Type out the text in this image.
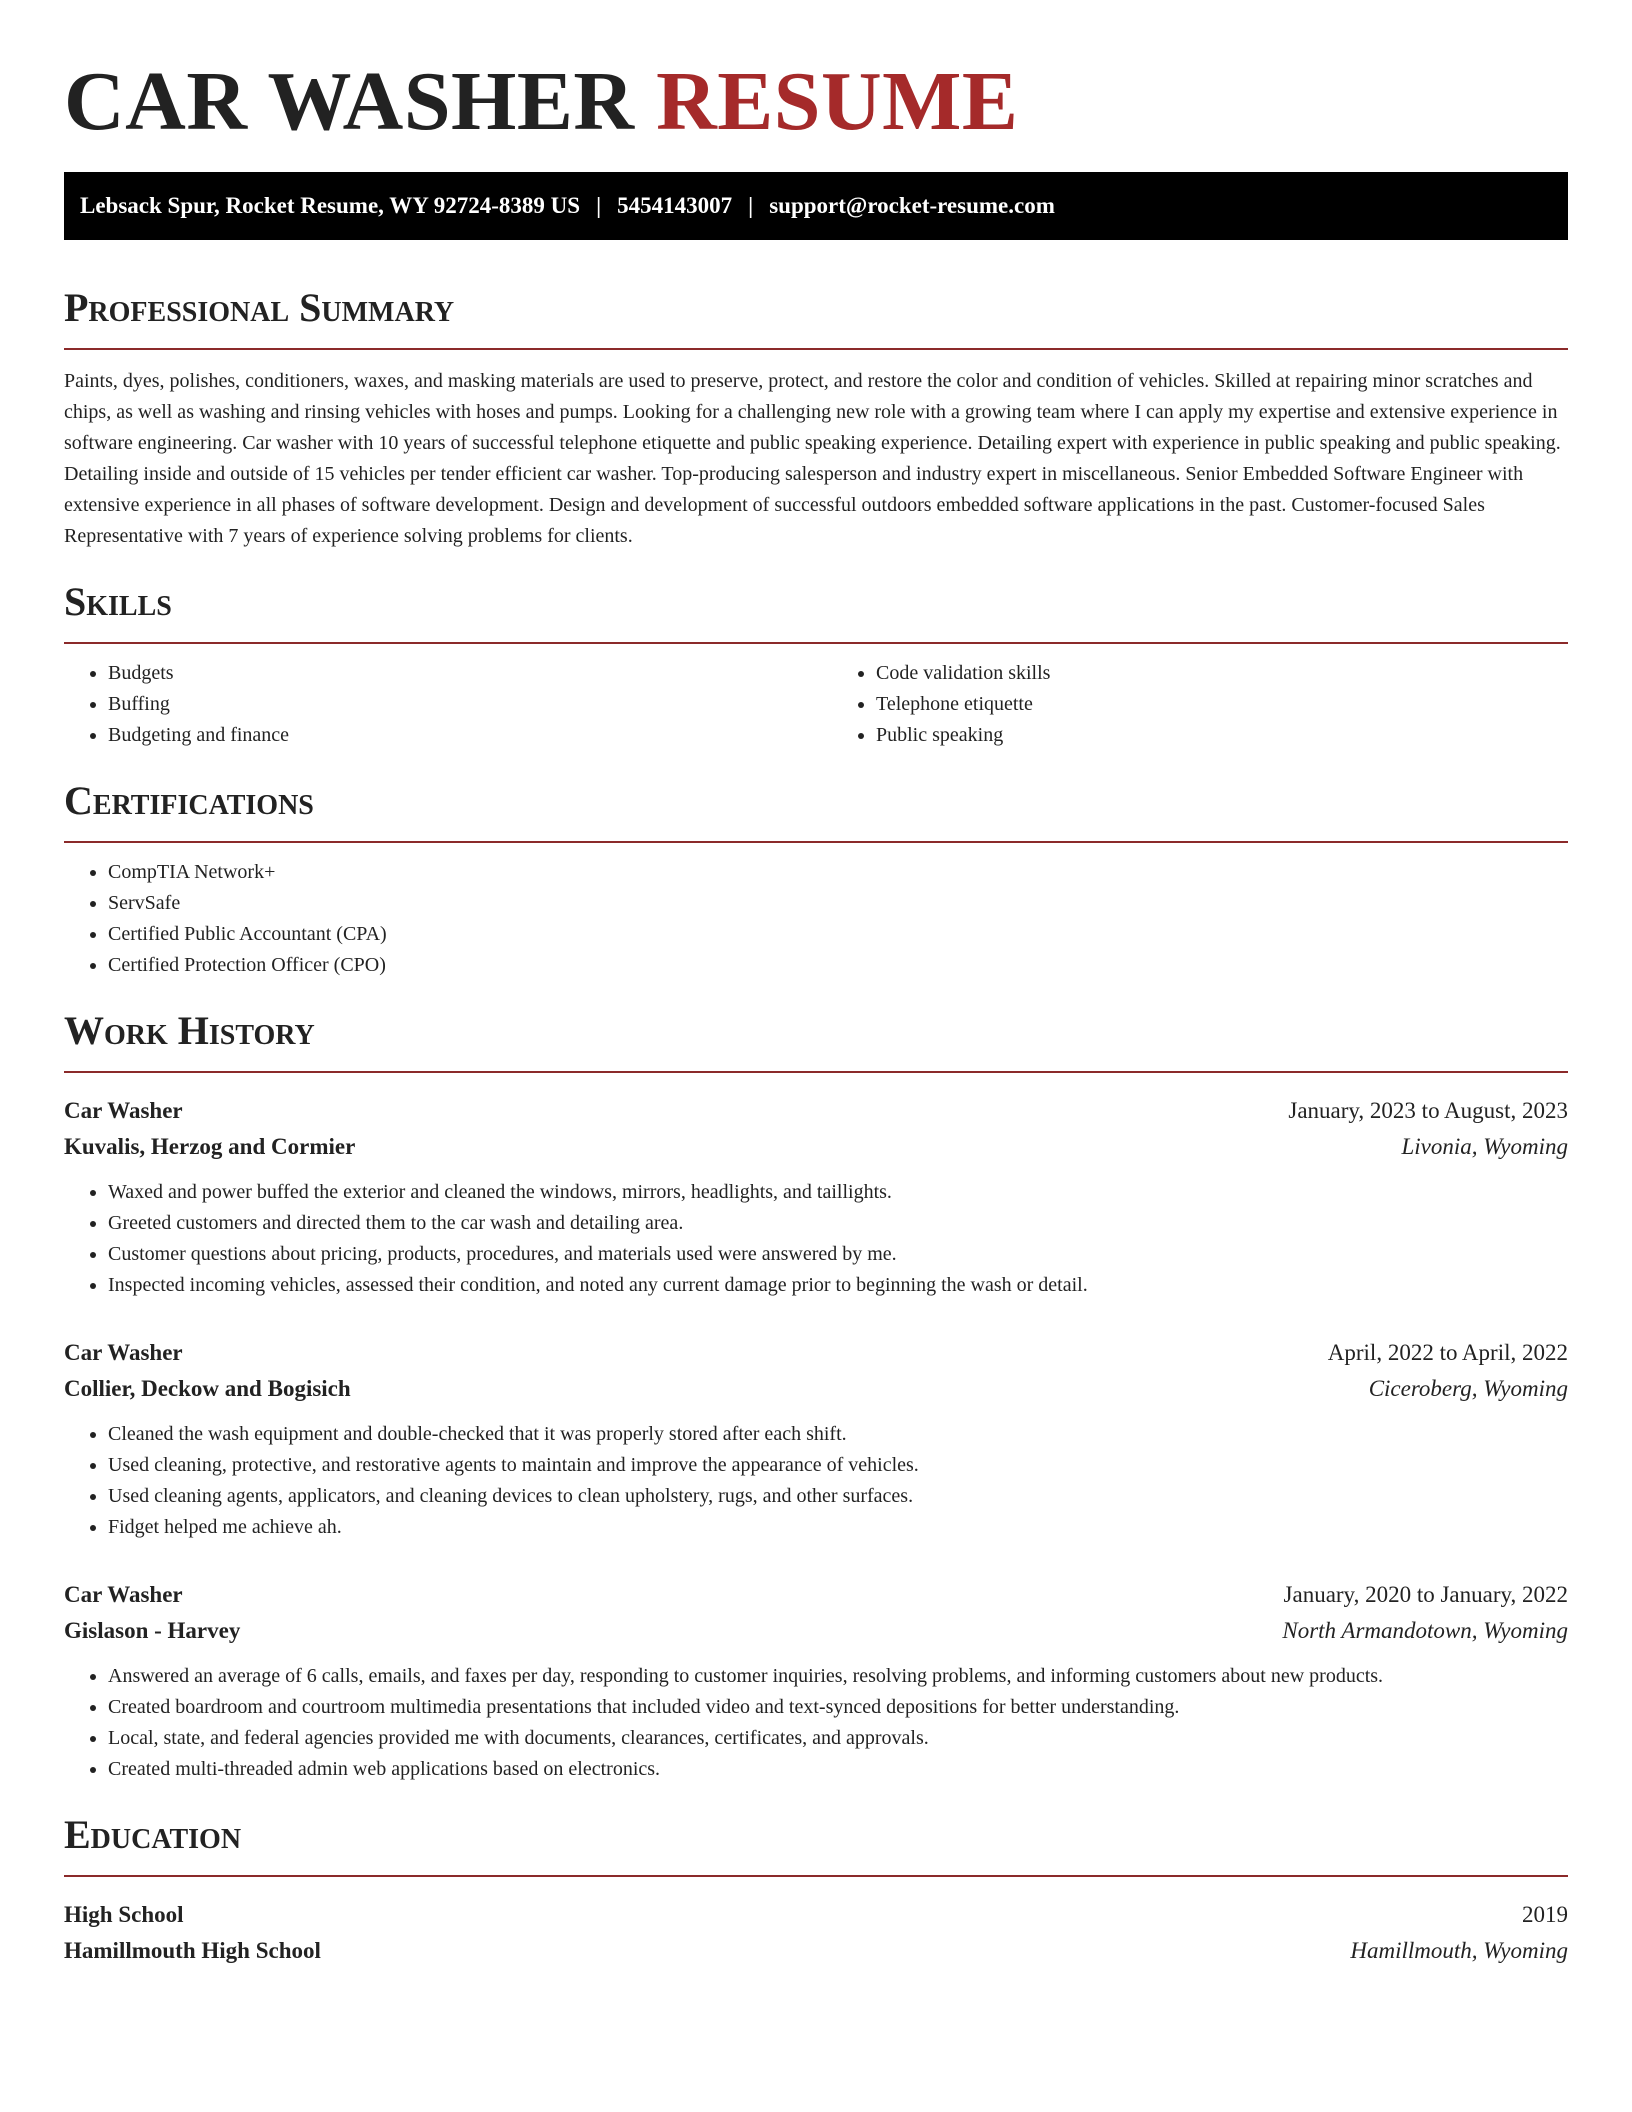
CAR WASHER RESUME
Lebsack Spur, Rocket Resume, WY 92724-8389 US | 5454143007 | support@rocket-resume.com
Professional Summary

Paints, dyes, polishes, conditioners, waxes, and masking materials are used to preserve, protect, and restore the color and condition of vehicles. Skilled at repairing minor scratches and chips, as well as washing and rinsing vehicles with hoses and pumps. Looking for a challenging new role with a growing team where I can apply my expertise and extensive experience in software engineering. Car washer with 10 years of successful telephone etiquette and public speaking experience. Detailing expert with experience in public speaking and public speaking. Detailing inside and outside of 15 vehicles per tender efficient car washer. Top-producing salesperson and industry expert in miscellaneous. Senior Embedded Software Engineer with extensive experience in all phases of software development. Design and development of successful outdoors embedded software applications in the past. Customer-focused Sales Representative with 7 years of experience solving problems for clients.

Skills
• Budgets
• Buffing
• Budgeting and finance
• Code validation skills
• Telephone etiquette
• Public speaking
Certifications
• CompTIA Network+
• ServSafe
• Certified Public Accountant (CPA)
• Certified Protection Officer (CPO)
Work History
Car Washer	January, 2023 to August, 2023
Kuvalis, Herzog and Cormier	Livonia, Wyoming
• Waxed and power buffed the exterior and cleaned the windows, mirrors, headlights, and taillights.
• Greeted customers and directed them to the car wash and detailing area.
• Customer questions about pricing, products, procedures, and materials used were answered by me.
• Inspected incoming vehicles, assessed their condition, and noted any current damage prior to beginning the wash or detail.
Car Washer	April, 2022 to April, 2022
Collier, Deckow and Bogisich	Ciceroberg, Wyoming
• Cleaned the wash equipment and double-checked that it was properly stored after each shift.
• Used cleaning, protective, and restorative agents to maintain and improve the appearance of vehicles.
• Used cleaning agents, applicators, and cleaning devices to clean upholstery, rugs, and other surfaces.
• Fidget helped me achieve ah.
Car Washer	January, 2020 to January, 2022
Gislason - Harvey	North Armandotown, Wyoming
• Answered an average of 6 calls, emails, and faxes per day, responding to customer inquiries, resolving problems, and informing customers about new products.
• Created boardroom and courtroom multimedia presentations that included video and text-synced depositions for better understanding.
• Local, state, and federal agencies provided me with documents, clearances, certificates, and approvals.
• Created multi-threaded admin web applications based on electronics.
Education
High School	2019
Hamillmouth High School	Hamillmouth, Wyoming
